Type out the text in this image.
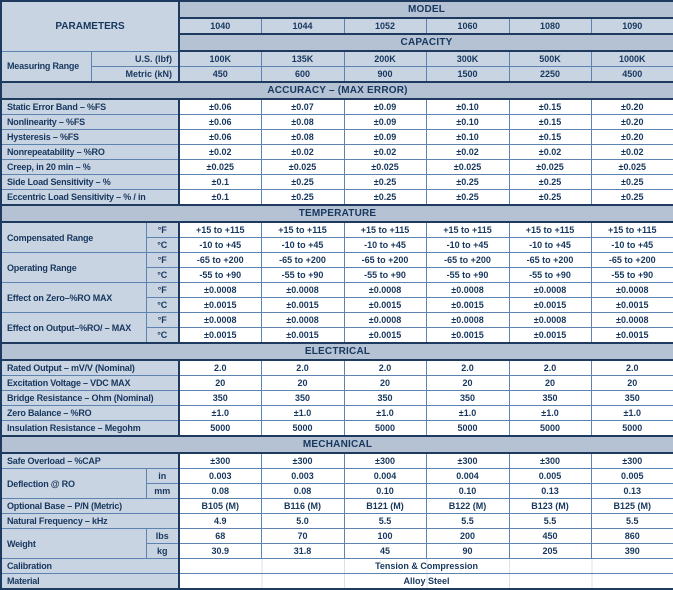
PARAMETERS			MODEL					
			1040	1044	1052	1060	1080	1090
			CAPACITY					
Measuring Range	U.S. (lbf)		100K	135K	200K	300K	500K	1000K
	Metric (kN)		450	600	900	1500	2250	4500
ACCURACY – (MAX ERROR)								
Static Error Band – %FS			±0.06	±0.07	±0.09	±0.10	±0.15	±0.20
Nonlinearity – %FS			±0.06	±0.08	±0.09	±0.10	±0.15	±0.20
Hysteresis – %FS			±0.06	±0.08	±0.09	±0.10	±0.15	±0.20
Nonrepeatability – %RO			±0.02	±0.02	±0.02	±0.02	±0.02	±0.02
Creep, in 20 min – %			±0.025	±0.025	±0.025	±0.025	±0.025	±0.025
Side Load Sensitivity – %			±0.1	±0.25	±0.25	±0.25	±0.25	±0.25
Eccentric Load Sensitivity – % / in			±0.1	±0.25	±0.25	±0.25	±0.25	±0.25
TEMPERATURE								
Compensated Range		°F	+15 to +115	+15 to +115	+15 to +115	+15 to +115	+15 to +115	+15 to +115
		°C	-10 to +45	-10 to +45	-10 to +45	-10 to +45	-10 to +45	-10 to +45
Operating Range		°F	-65 to +200	-65 to +200	-65 to +200	-65 to +200	-65 to +200	-65 to +200
		°C	-55 to +90	-55 to +90	-55 to +90	-55 to +90	-55 to +90	-55 to +90
Effect on Zero–%RO MAX		°F	±0.0008	±0.0008	±0.0008	±0.0008	±0.0008	±0.0008
		°C	±0.0015	±0.0015	±0.0015	±0.0015	±0.0015	±0.0015
Effect on Output–%RO/ – MAX		°F	±0.0008	±0.0008	±0.0008	±0.0008	±0.0008	±0.0008
		°C	±0.0015	±0.0015	±0.0015	±0.0015	±0.0015	±0.0015
ELECTRICAL								
Rated Output – mV/V (Nominal)			2.0	2.0	2.0	2.0	2.0	2.0
Excitation Voltage – VDC MAX			20	20	20	20	20	20
Bridge Resistance – Ohm (Nominal)			350	350	350	350	350	350
Zero Balance – %RO			±1.0	±1.0	±1.0	±1.0	±1.0	±1.0
Insulation Resistance – Megohm			5000	5000	5000	5000	5000	5000
MECHANICAL								
Safe Overload – %CAP			±300	±300	±300	±300	±300	±300
Deflection @ RO		in	0.003	0.003	0.004	0.004	0.005	0.005
		mm	0.08	0.08	0.10	0.10	0.13	0.13
Optional Base – P/N (Metric)			B105 (M)	B116 (M)	B121 (M)	B122 (M)	B123 (M)	B125 (M)
Natural Frequency – kHz			4.9	5.0	5.5	5.5	5.5	5.5
Weight		lbs	68	70	100	200	450	860
		kg	30.9	31.8	45	90	205	390
Calibration			Tension & Compression					
Material			Alloy Steel					
